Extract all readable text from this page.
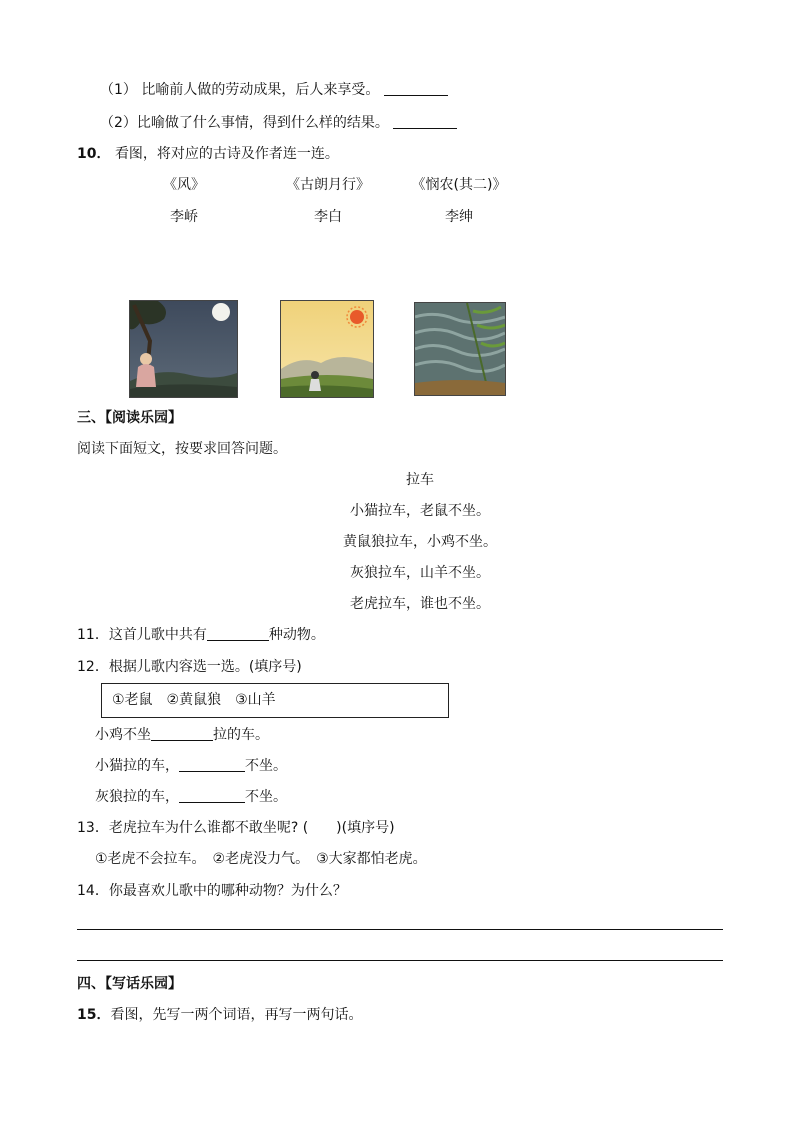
（1） 比喻前人做的劳动成果，后人来享受。
（2）比喻做了什么事情，得到什么样的结果。
10． 看图，将对应的古诗及作者连一连。
《风》	《古朗月行》	《悯农(其二)》
李峤	李白	李绅
三、【阅读乐园】
阅读下面短文，按要求回答问题。
拉车
小猫拉车，老鼠不坐。
黄鼠狼拉车，小鸡不坐。
灰狼拉车，山羊不坐。
老虎拉车，谁也不坐。
11．这首儿歌中共有	种动物。
12．根据儿歌内容选一选。(填序号)
①老鼠　②黄鼠狼　③山羊
小鸡不坐	拉的车。
小猫拉的车，	不坐。
灰狼拉的车，	不坐。
13．老虎拉车为什么谁都不敢坐呢? (　　)(填序号)
①老虎不会拉车。　②老虎没力气。　③大家都怕老虎。
14．你最喜欢儿歌中的哪种动物？为什么？
四、【写话乐园】
15．看图，先写一两个词语，再写一两句话。
